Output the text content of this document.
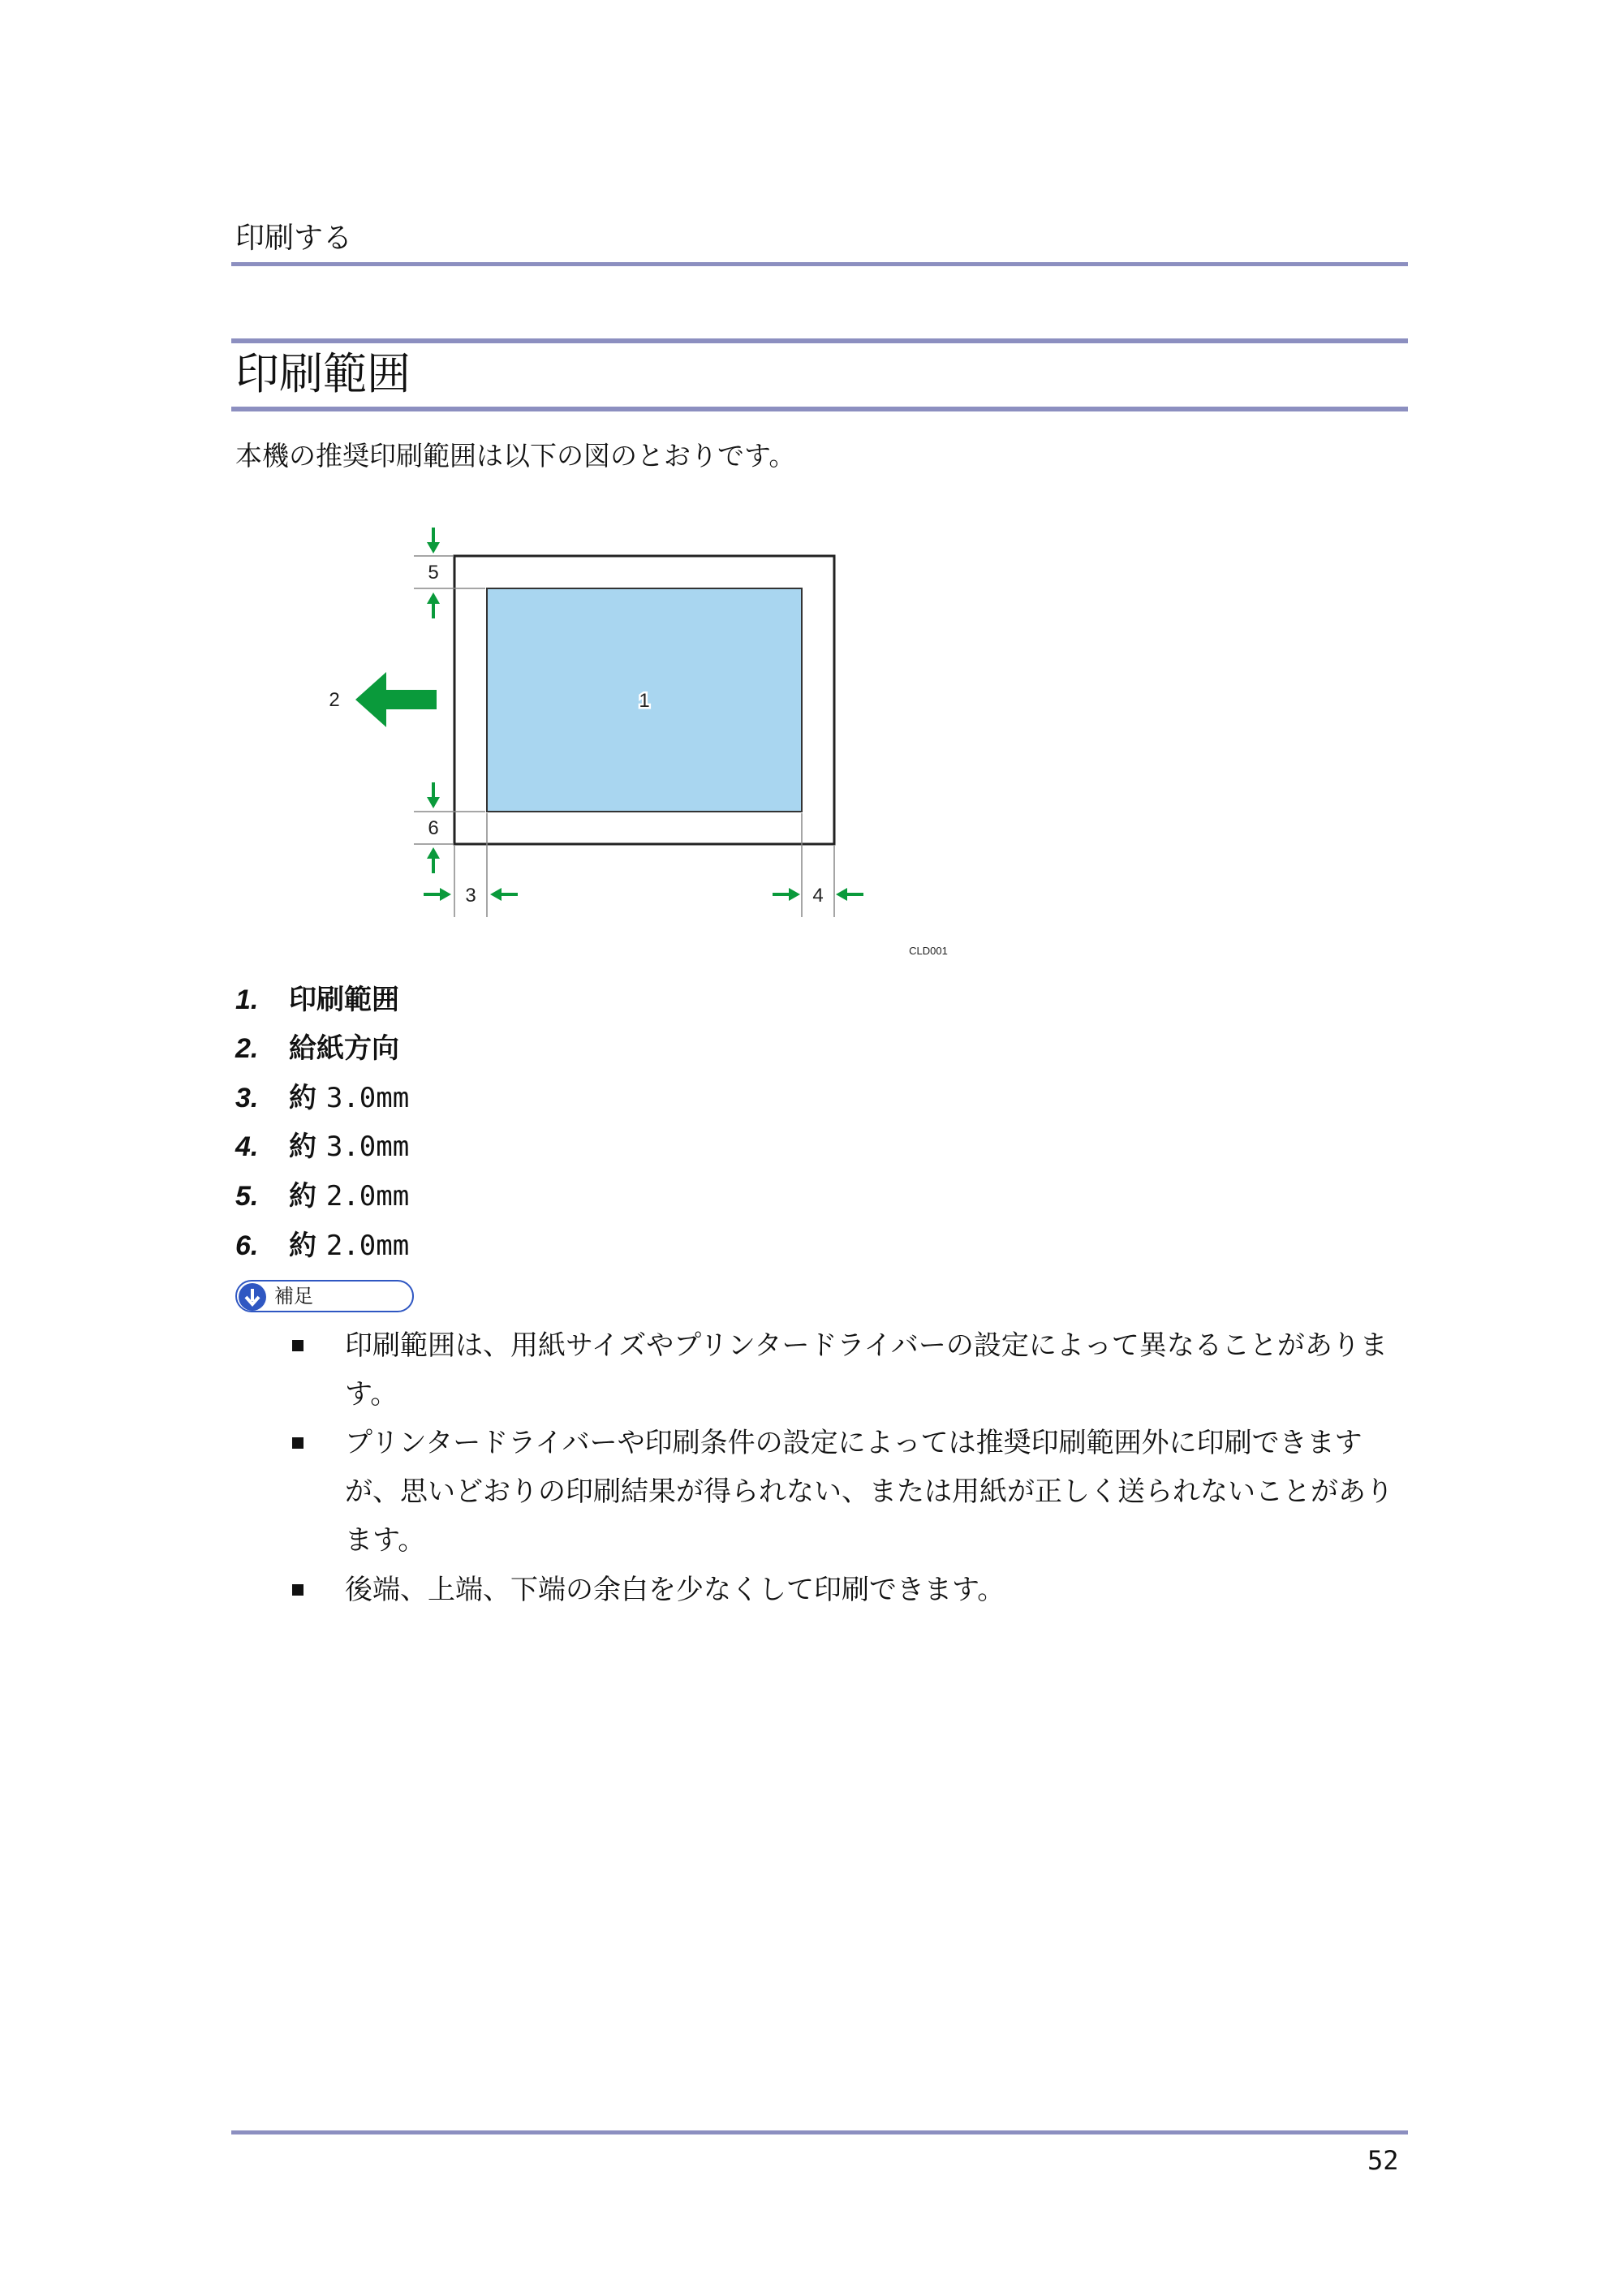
印刷する
印刷範囲
本機の推奨印刷範囲は以下の図のとおりです。
5
6
2
3	4
1
CLD001
1. 印刷範囲
2. 給紙方向
3. 約 3.0mm
4. 約 3.0mm
5. 約 2.0mm
6. 約 2.0mm
補足
印刷範囲は、用紙サイズやプリンタードライバーの設定によって異なることがあります。
プリンタードライバーや印刷条件の設定によっては推奨印刷範囲外に印刷できますが、思いどおりの印刷結果が得られない、または用紙が正しく送られないことがあります。
後端、上端、下端の余白を少なくして印刷できます。
52
